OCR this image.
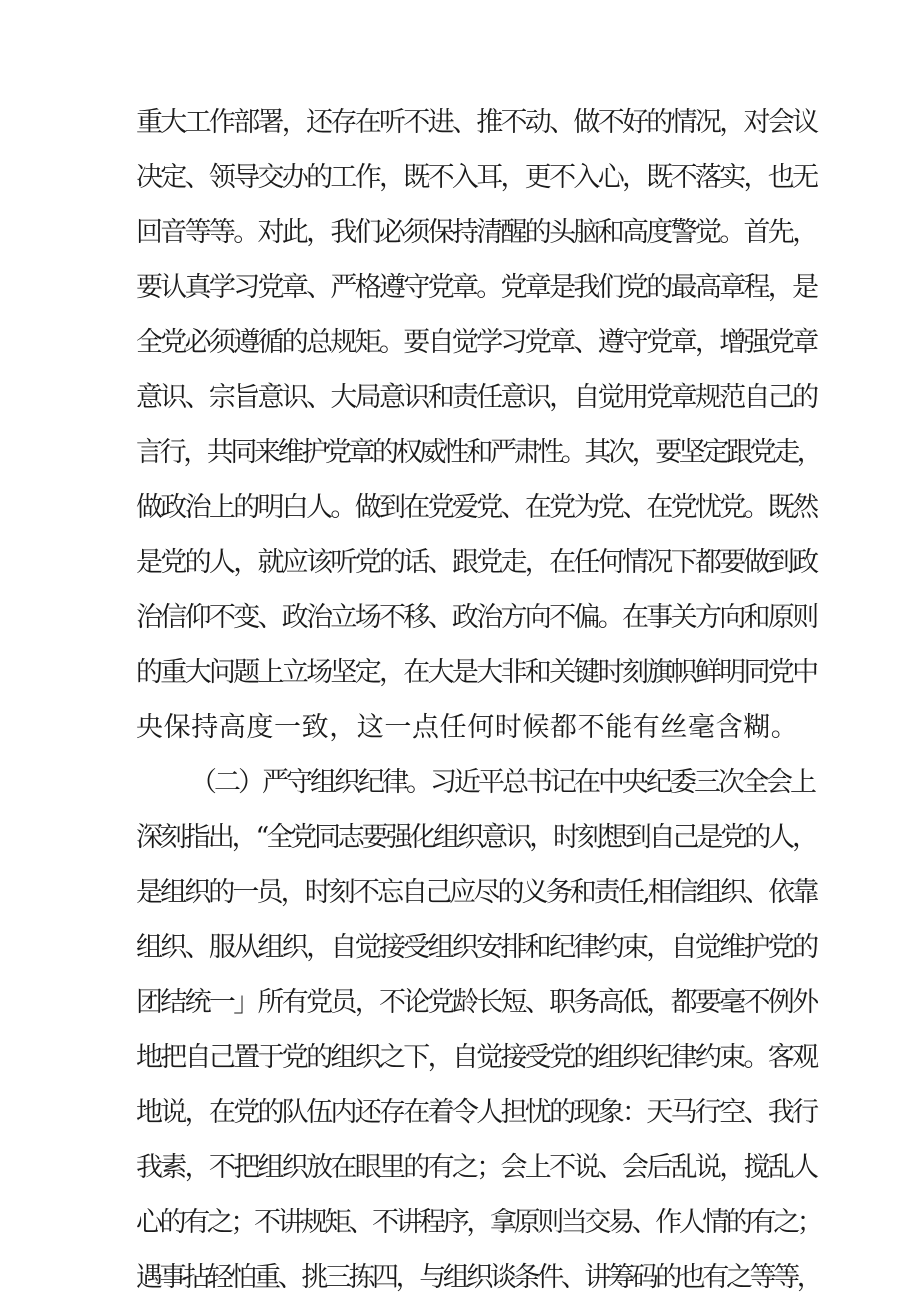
重大工作部署，还存在听不进、推不动、做不好的情况，对会议
决定、领导交办的工作，既不入耳，更不入心，既不落实，也无
回音等等。对此，我们必须保持清醒的头脑和高度警觉。首先，
要认真学习党章、严格遵守党章。党章是我们党的最高章程，是
全党必须遵循的总规矩。要自觉学习党章、遵守党章，增强党章
意识、宗旨意识、大局意识和责任意识，自觉用党章规范自己的
言行，共同来维护党章的权威性和严肃性。其次，要坚定跟党走，
做政治上的明白人。做到在党爱党、在党为党、在党忧党。既然
是党的人，就应该听党的话、跟党走，在任何情况下都要做到政
治信仰不变、政治立场不移、政治方向不偏。在事关方向和原则
的重大问题上立场坚定，在大是大非和关键时刻旗帜鲜明同党中
央保持高度一致，这一点任何时候都不能有丝毫含糊。
（二）严守组织纪律。习近平总书记在中央纪委三次全会上
深刻指出，“全党同志要强化组织意识，时刻想到自己是党的人，
是组织的一员，时刻不忘自己应尽的义务和责任,相信组织、依靠
组织、服从组织，自觉接受组织安排和纪律约束，自觉维护党的
团结统一」所有党员，不论党龄长短、职务高低，都要毫不例外
地把自己置于党的组织之下，自觉接受党的组织纪律约束。客观
地说，在党的队伍内还存在着令人担忧的现象：天马行空、我行
我素，不把组织放在眼里的有之；会上不说、会后乱说，搅乱人
心的有之；不讲规矩、不讲程序，拿原则当交易、作人情的有之；
遇事拈轻怕重、挑三拣四，与组织谈条件、讲筹码的也有之等等，
